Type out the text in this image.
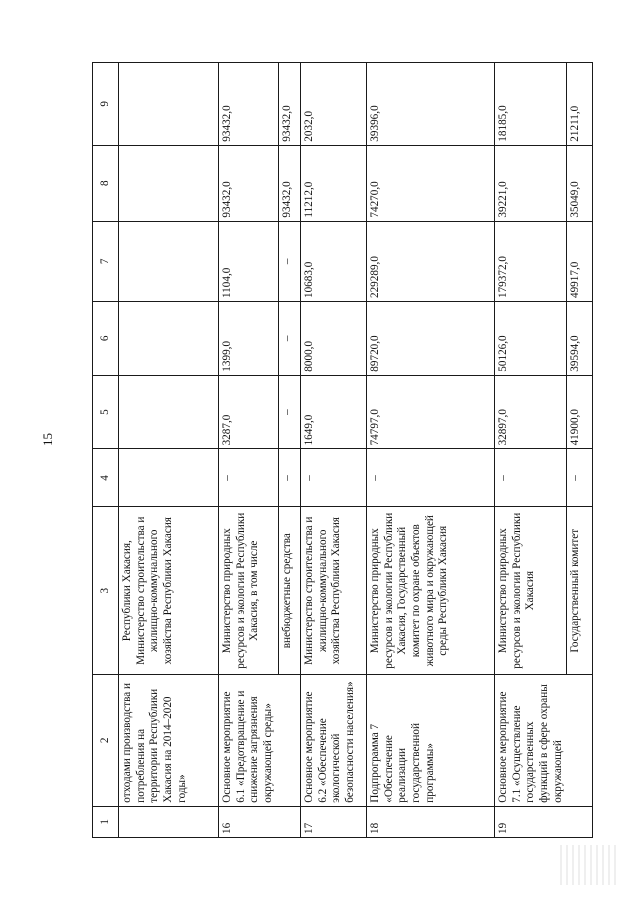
15
1	2	3	4	5	6	7	8	9
	отходами производства и потребления на территории Республики Хакасия на 2014–2020 годы»	Республики Хакасия, Министерство строительства и жилищно-коммунального хозяйства Республики Хакасия						
16	Основное мероприятие 6.1 «Предотвращение и снижение загрязнения окружающей среды»	Министерство природных ресурсов и экологии Республики Хакасия, в том числе	–	3287,0	1399,0	1104,0	93432,0	93432,0
		внебюджетные средства	–	–	–	–	93432,0	93432,0
17	Основное мероприятие 6.2 «Обеспечение экологической безопасности населения»	Министерство строительства и жилищно-коммунального хозяйства Республики Хакасия	–	1649,0	8000,0	10683,0	11212,0	2032,0
18	Подпрограмма 7 «Обеспечение реализации государственной программы»	Министерство природных ресурсов и экологии Республики Хакасия, Государственный комитет по охране объектов животного мира и окружающей среды Республики Хакасия	–	74797,0	89720,0	229289,0	74270,0	39396,0
19	Основное мероприятие 7.1 «Осуществление государственных функций в сфере охраны окружающей	Министерство природных ресурсов и экологии Республики Хакасия	–	32897,0	50126,0	179372,0	39221,0	18185,0
		Государственный комитет	–	41900,0	39594,0	49917,0	35049,0	21211,0
